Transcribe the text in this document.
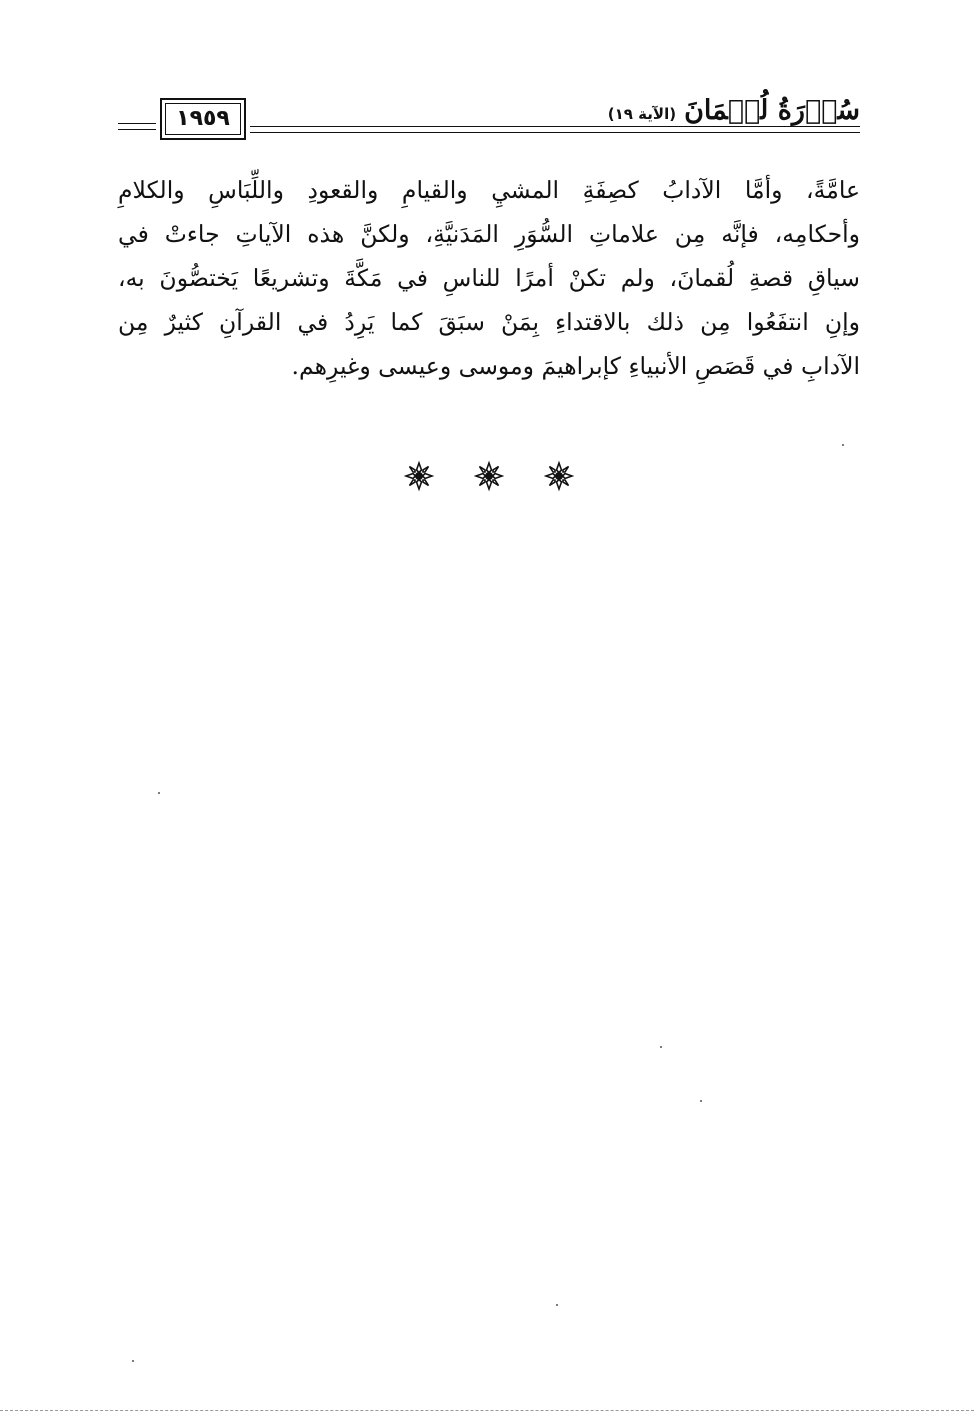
سُوۡرَةُ لُقۡمَانَ
(الآية ١٩)
١٩٥٩
عامَّةً، وأمَّا الآدابُ كصِفَةِ المشيِ والقيامِ والقعودِ واللِّبَاسِ والكلامِ
وأحكامِه، فإنَّه مِن علاماتِ السُّوَرِ المَدَنيَّةِ، ولكنَّ هذه الآياتِ جاءتْ في
سياقِ قصةِ لُقمانَ، ولم تكنْ أمرًا للناسِ في مَكَّةَ وتشريعًا يَختصُّونَ به،
وإنِ انتفَعُوا مِن ذلك بالاقتداءِ بِمَنْ سبَقَ كما يَرِدُ في القرآنِ كثيرٌ مِن
الآدابِ في قَصَصِ الأنبياءِ كإبراهيمَ وموسى وعيسى وغيرِهم.
